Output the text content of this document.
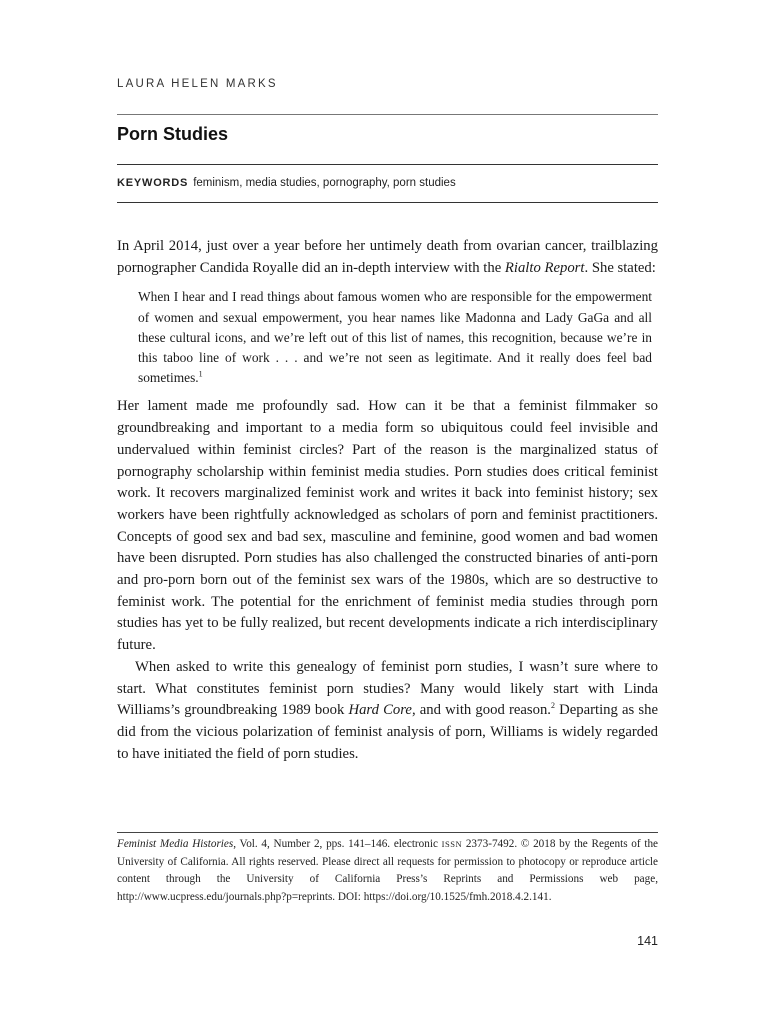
LAURA HELEN MARKS
Porn Studies
KEYWORDS feminism, media studies, pornography, porn studies

In April 2014, just over a year before her untimely death from ovarian cancer, trailblazing pornographer Candida Royalle did an in-depth interview with the Rialto Report. She stated:

When I hear and I read things about famous women who are responsible for the empowerment of women and sexual empowerment, you hear names like Madonna and Lady GaGa and all these cultural icons, and we’re left out of this list of names, this recognition, because we’re in this taboo line of work . . . and we’re not seen as legitimate. And it really does feel bad sometimes.$^1$

Her lament made me profoundly sad. How can it be that a feminist filmmaker so groundbreaking and important to a media form so ubiquitous could feel invisible and undervalued within feminist circles? Part of the reason is the marginalized status of pornography scholarship within feminist media studies. Porn studies does critical feminist work. It recovers marginalized feminist work and writes it back into feminist history; sex workers have been rightfully acknowledged as scholars of porn and feminist practitioners. Concepts of good sex and bad sex, masculine and feminine, good women and bad women have been disrupted. Porn studies has also challenged the constructed binaries of anti-porn and pro-porn born out of the feminist sex wars of the 1980s, which are so destructive to feminist work. The potential for the enrichment of feminist media studies through porn studies has yet to be fully realized, but recent developments indicate a rich interdisciplinary future.

When asked to write this genealogy of feminist porn studies, I wasn’t sure where to start. What constitutes feminist porn studies? Many would likely start with Linda Williams’s groundbreaking 1989 book Hard Core, and with good reason.$^2$ Departing as she did from the vicious polarization of feminist analysis of porn, Williams is widely regarded to have initiated the field of porn studies.

Feminist Media Histories, Vol. 4, Number 2, pps. 141–146. electronic ISSN 2373-7492. © 2018 by the Regents of the University of California. All rights reserved. Please direct all requests for permission to photocopy or reproduce article content through the University of California Press’s Reprints and Permissions web page, http://www.ucpress.edu/journals.php?p=reprints. DOI: https://doi.org/10.1525/fmh.2018.4.2.141.

141
